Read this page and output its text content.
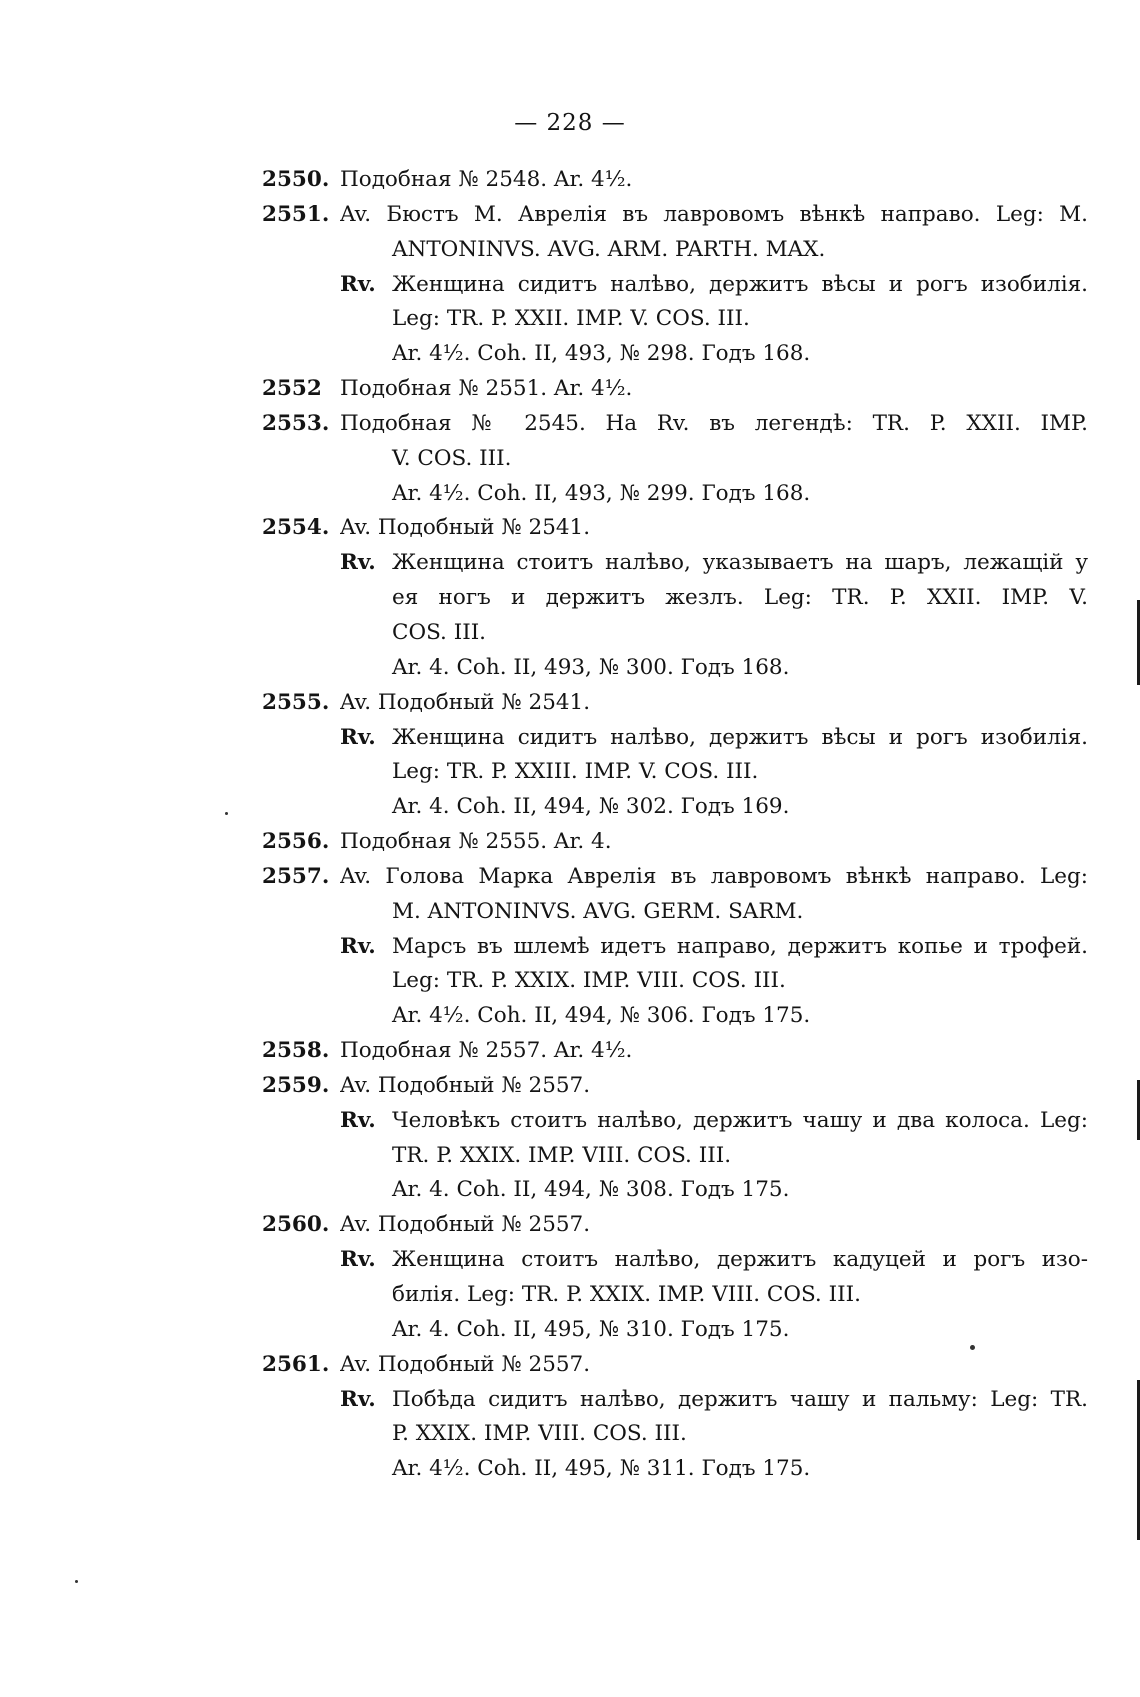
— 228 —
2550. Подобная № 2548. Ar. 4½.
2551. Av. Бюстъ М. Аврелія въ лавровомъ вѣнкѣ направо. Leg: M.
ANTONINVS. AVG. ARM. PARTH. MAX.
Rv. Женщина сидитъ налѣво, держитъ вѣсы и рогъ изобилія.
Leg: TR. P. XXII. IMP. V. COS. III.
Ar. 4½. Coh. II, 493, № 298. Годъ 168.
2552 Подобная № 2551. Ar. 4½.
2553. Подобная № 2545. На Rv. въ легендѣ: TR. P. XXII. IMP.
V. COS. III.
Ar. 4½. Coh. II, 493, № 299. Годъ 168.
2554. Av. Подобный № 2541.
Rv. Женщина стоитъ налѣво, указываетъ на шаръ, лежащій у
ея ногъ и держитъ жезлъ. Leg: TR. P. XXII. IMP. V.
COS. III.
Ar. 4. Coh. II, 493, № 300. Годъ 168.
2555. Av. Подобный № 2541.
Rv. Женщина сидитъ налѣво, держитъ вѣсы и рогъ изобилія.
Leg: TR. P. XXIII. IMP. V. COS. III.
Ar. 4. Coh. II, 494, № 302. Годъ 169.
2556. Подобная № 2555. Ar. 4.
2557. Av. Голова Марка Аврелія въ лавровомъ вѣнкѣ направо. Leg:
M. ANTONINVS. AVG. GERM. SARM.
Rv. Марсъ въ шлемѣ идетъ направо, держитъ копье и трофей.
Leg: TR. P. XXIX. IMP. VIII. COS. III.
Ar. 4½. Coh. II, 494, № 306. Годъ 175.
2558. Подобная № 2557. Ar. 4½.
2559. Av. Подобный № 2557.
Rv. Человѣкъ стоитъ налѣво, держитъ чашу и два колоса. Leg:
TR. P. XXIX. IMP. VIII. COS. III.
Ar. 4. Coh. II, 494, № 308. Годъ 175.
2560. Av. Подобный № 2557.
Rv. Женщина стоитъ налѣво, держитъ кадуцей и рогъ изо-
билія. Leg: TR. P. XXIX. IMP. VIII. COS. III.
Ar. 4. Coh. II, 495, № 310. Годъ 175.
2561. Av. Подобный № 2557.
Rv. Побѣда сидитъ налѣво, держитъ чашу и пальму: Leg: TR.
P. XXIX. IMP. VIII. COS. III.
Ar. 4½. Coh. II, 495, № 311. Годъ 175.
